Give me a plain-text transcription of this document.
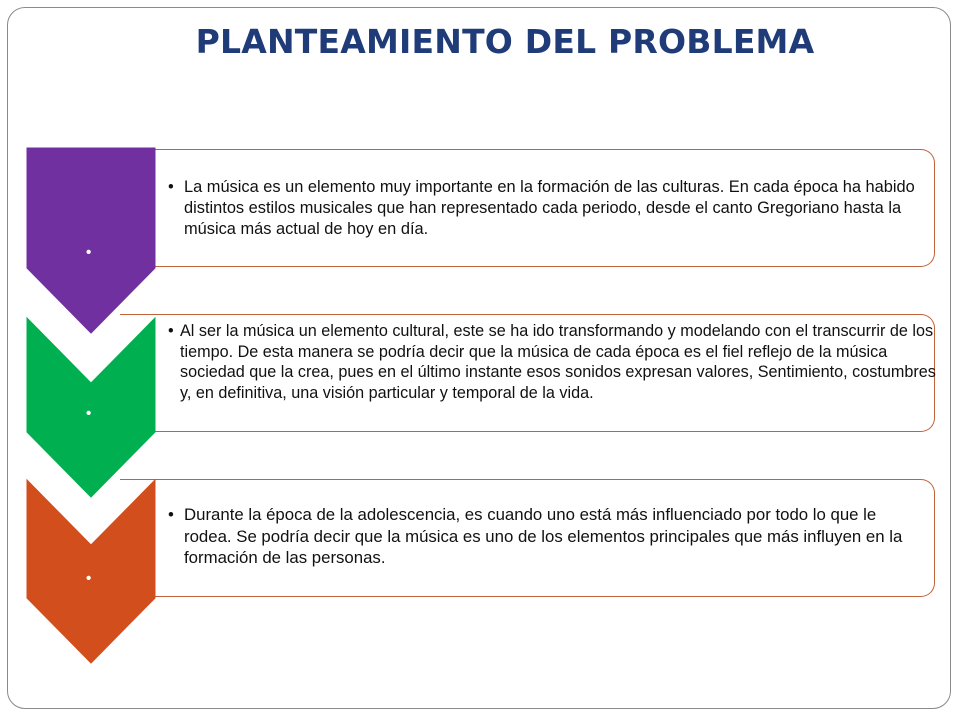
PLANTEAMIENTO DEL PROBLEMA
• La música es un elemento muy importante en la formación de las culturas. En cada época ha habido distintos estilos musicales que han representado cada periodo, desde el canto Gregoriano hasta la música más actual de hoy en día.
•
• Al ser la música un elemento cultural, este se ha ido transformando y modelando con el transcurrir de los tiempo. De esta manera se podría decir que la música de cada época es el fiel reflejo de la música sociedad que la crea, pues en el último instante esos sonidos expresan valores, Sentimiento, costumbres y, en definitiva, una visión particular y temporal de la vida.
•
• Durante la época de la adolescencia, es cuando uno está más influenciado por todo lo que le rodea. Se podría decir que la música es uno de los elementos principales que más influyen en la formación de las personas.
•
